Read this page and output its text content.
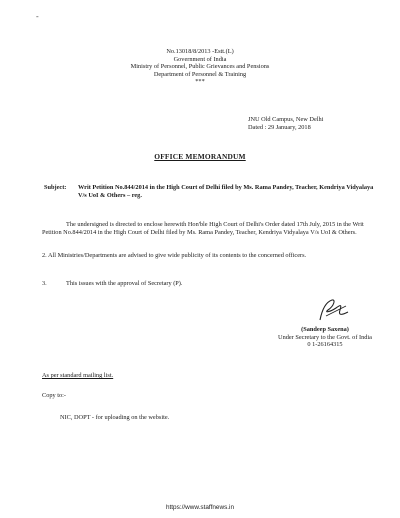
-
No.13018/8/2013 -Estt.(L)
Government of India
Ministry of Personnel, Public Grievances and Pensions
Department of Personnel & Training
***
JNU Old Campus, New Delhi
Dated : 29 January, 2018
OFFICE MEMORANDUM
Subject: Writ Petition No.844/2014 in the High Court of Delhi filed by Ms. Rama Pandey, Teacher, Kendriya Vidyalaya V/s UoI & Others – reg.
The undersigned is directed to enclose herewith Hon'ble High Court of Delhi's Order dated 17th July, 2015 in the Writ Petition No.844/2014 in the High Court of Delhi filed by Ms. Rama Pandey, Teacher, Kendriya Vidyalaya V/s UoI & Others.
2. All Ministries/Departments are advised to give wide publicity of its contents to the concerned officers.
3.	This issues with the approval of Secretary (P).
(Sandeep Saxena)
Under Secretary to the Govt. of India
0 1-26164315
As per standard mailing list.
Copy to:-
NIC, DOPT - for uploading on the website.
https://www.staffnews.in
